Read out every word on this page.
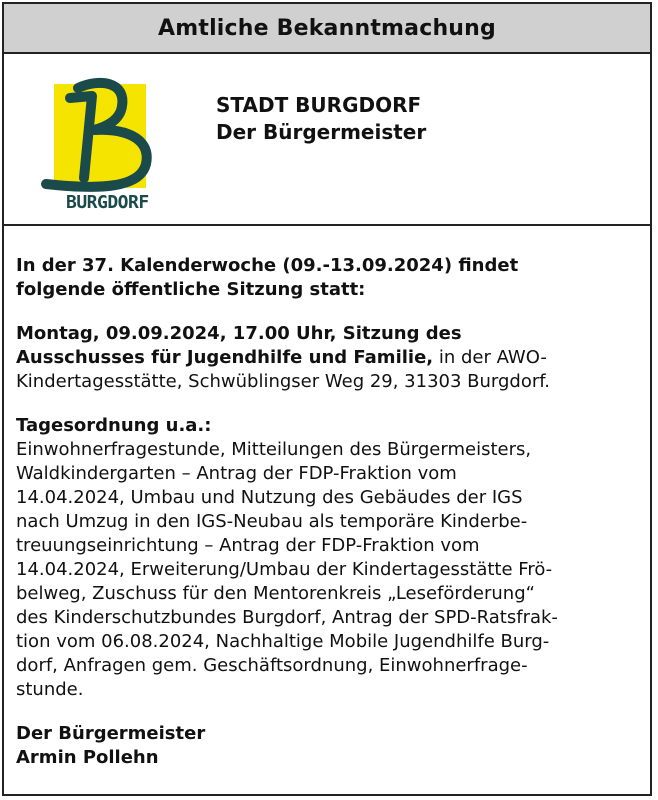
Amtliche Bekanntmachung
BURGDORF
STADT BURGDORF
Der Bürgermeister

In der 37. Kalenderwoche (09.-13.09.2024) findet
folgende öffentliche Sitzung statt:

Montag, 09.09.2024, 17.00 Uhr, Sitzung des
Ausschusses für Jugendhilfe und Familie, in der AWO-
Kindertagesstätte, Schwüblingser Weg 29, 31303 Burgdorf.

Tagesordnung u.a.:
Einwohnerfragestunde, Mitteilungen des Bürgermeisters,
Waldkindergarten – Antrag der FDP-Fraktion vom
14.04.2024, Umbau und Nutzung des Gebäudes der IGS
nach Umzug in den IGS-Neubau als temporäre Kinderbe-
treuungseinrichtung – Antrag der FDP-Fraktion vom
14.04.2024, Erweiterung/Umbau der Kindertagesstätte Frö-
belweg, Zuschuss für den Mentorenkreis „Leseförderung“
des Kinderschutzbundes Burgdorf, Antrag der SPD-Ratsfrak-
tion vom 06.08.2024, Nachhaltige Mobile Jugendhilfe Burg-
dorf, Anfragen gem. Geschäftsordnung, Einwohnerfrage-
stunde.

Der Bürgermeister
Armin Pollehn
